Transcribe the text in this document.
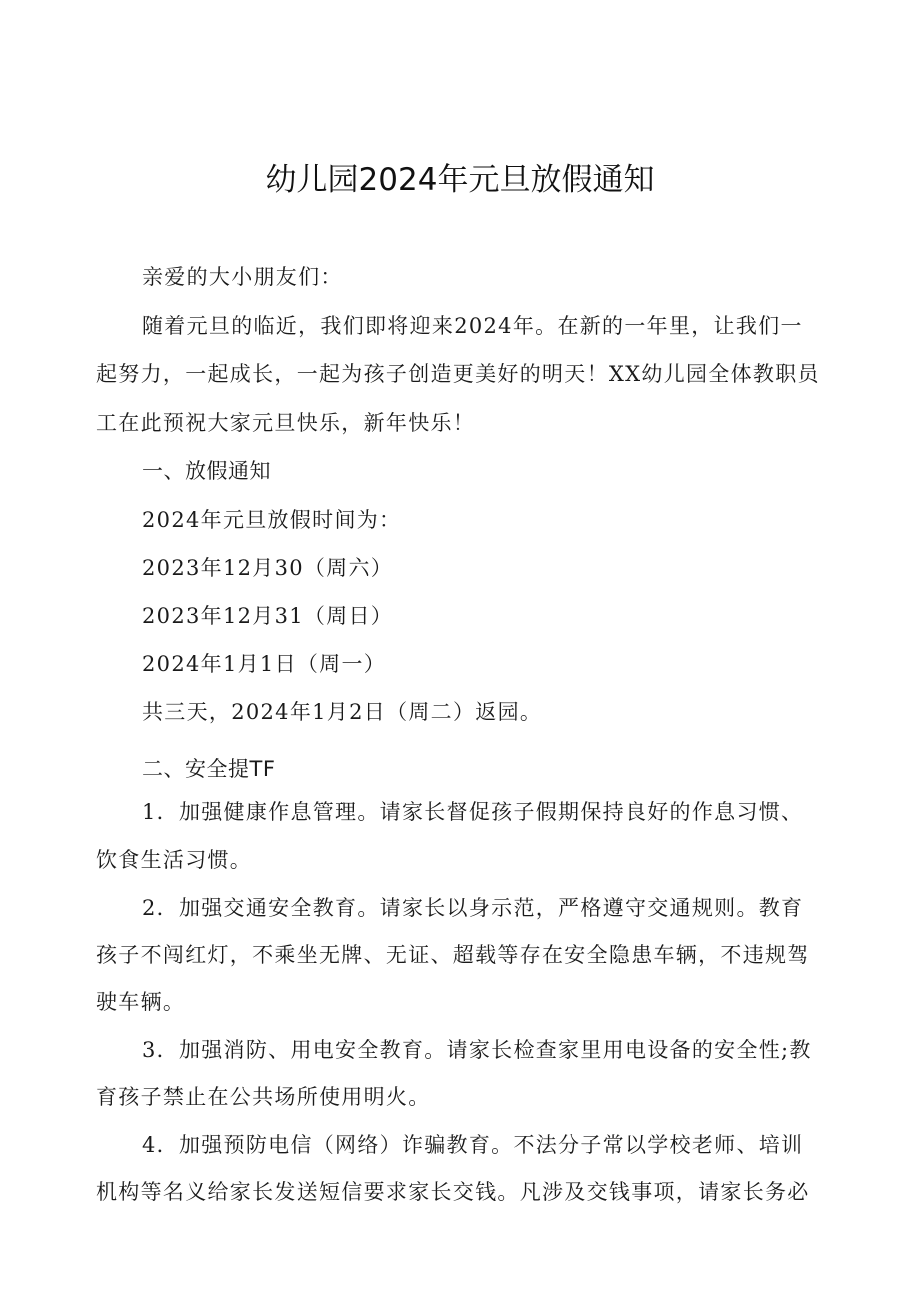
幼儿园2024年元旦放假通知
亲爱的大小朋友们：
随着元旦的临近，我们即将迎来2024年。在新的一年里，让我们一
起努力，一起成长，一起为孩子创造更美好的明天！XX幼儿园全体教职员
工在此预祝大家元旦快乐，新年快乐！
一、放假通知
2024年元旦放假时间为：
2023年12月30（周六）
2023年12月31（周日）
2024年1月1日（周一）
共三天，2024年1月2日（周二）返园。
二、安全提TF
1．加强健康作息管理。请家长督促孩子假期保持良好的作息习惯、
饮食生活习惯。
2．加强交通安全教育。请家长以身示范，严格遵守交通规则。教育
孩子不闯红灯，不乘坐无牌、无证、超载等存在安全隐患车辆，不违规驾
驶车辆。
3．加强消防、用电安全教育。请家长检查家里用电设备的安全性;教
育孩子禁止在公共场所使用明火。
4．加强预防电信（网络）诈骗教育。不法分子常以学校老师、培训
机构等名义给家长发送短信要求家长交钱。凡涉及交钱事项，请家长务必
